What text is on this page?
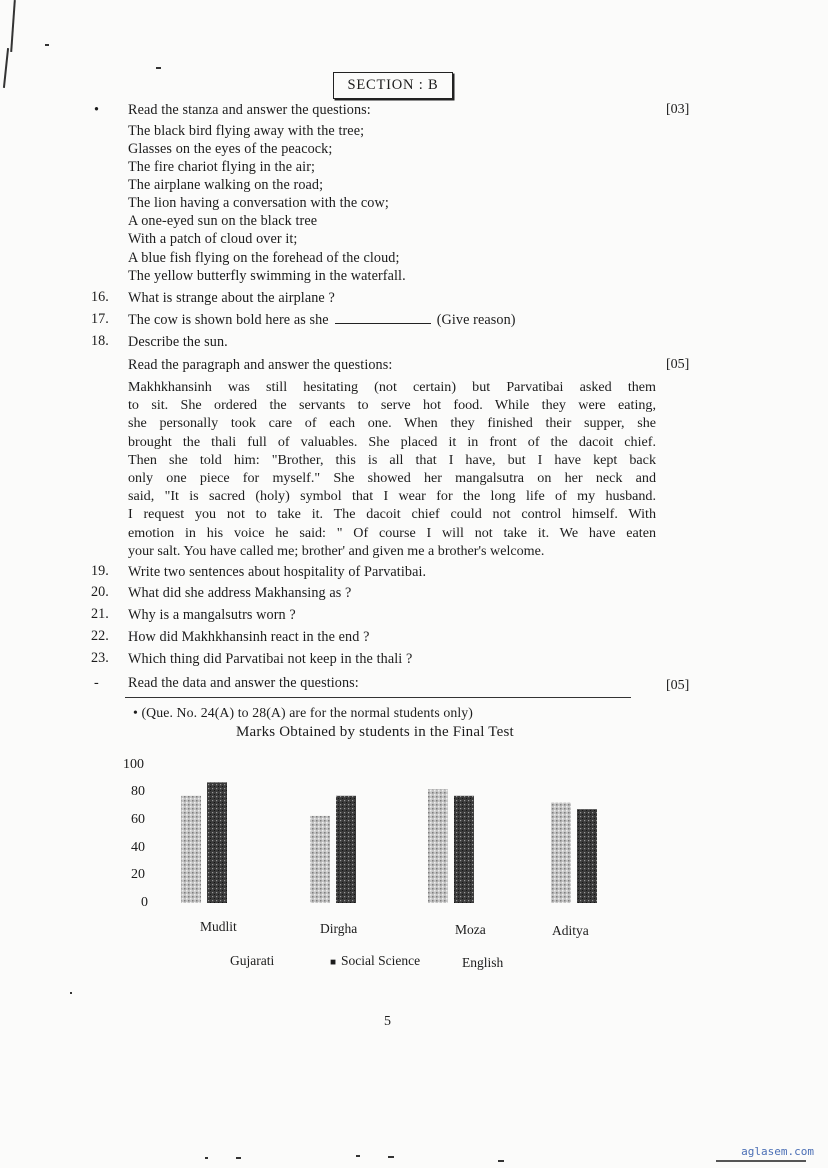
SECTION : B
• Read the stanza and answer the questions:	[03]
The black bird flying away with the tree;
Glasses on the eyes of the peacock;
The fire chariot flying in the air;
The airplane walking on the road;
The lion having a conversation with the cow;
A one-eyed sun on the black tree
With a patch of cloud over it;
A blue fish flying on the forehead of the cloud;
The yellow butterfly swimming in the waterfall.
16. What is strange about the airplane ?
17. The cow is shown bold here as she	(Give reason)
18. Describe the sun.
Read the paragraph and answer the questions:	[05]
Makhkhansinh was still hesitating (not certain) but Parvatibai asked them
to sit. She ordered the servants to serve hot food. While they were eating,
she personally took care of each one. When they finished their supper, she
brought the thali full of valuables. She placed it in front of the dacoit chief.
Then she told him: "Brother, this is all that I have, but I have kept back
only one piece for myself." She showed her mangalsutra on her neck and
said, "It is sacred (holy) symbol that I wear for the long life of my husband.
I request you not to take it. The dacoit chief could not control himself. With
emotion in his voice he said: " Of course I will not take it. We have eaten
your salt. You have called me; brother' and given me a brother's welcome.
19. Write two sentences about hospitality of Parvatibai.
20. What did she address Makhansing as ?
21. Why is a mangalsutrs worn ?
22. How did Makhkhansinh react in the end ?
23. Which thing did Parvatibai not keep in the thali ?
- Read the data and answer the questions:	[05]
• (Que. No. 24(A) to 28(A) are for the normal students only)
Marks Obtained by students in the Final Test
100
80
60
40
20
0
Mudlit	Dirgha	Moza	Aditya
Gujarati	■ Social Science	English
5
aglasem.com
